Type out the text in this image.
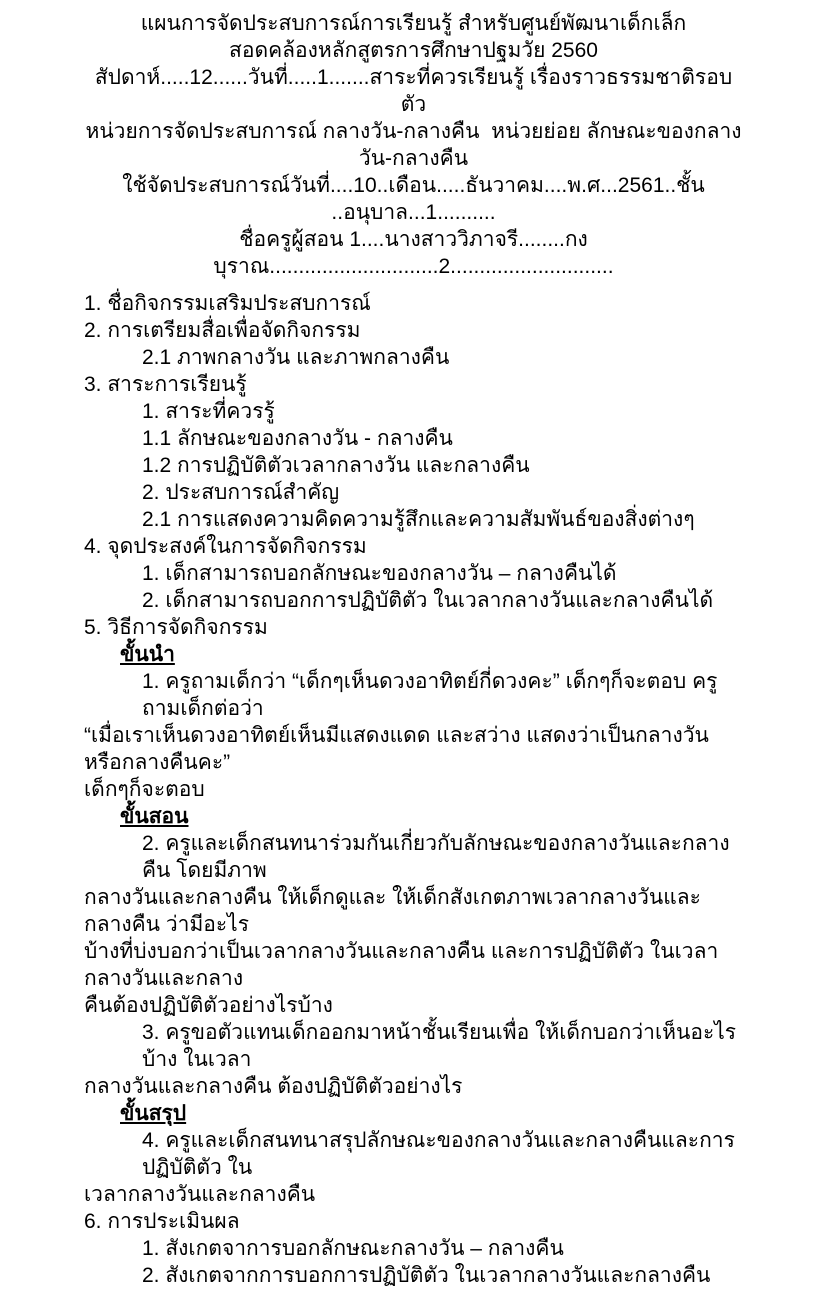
แผนการจัดประสบการณ์การเรียนรู้ สำหรับศูนย์พัฒนาเด็กเล็ก
สอดคล้องหลักสูตรการศึกษาปฐมวัย 2560
สัปดาห์.....12......วันที่.....1.......สาระที่ควรเรียนรู้ เรื่องราวธรรมชาติรอบตัว
หน่วยการจัดประสบการณ์ กลางวัน-กลางคืน  หน่วยย่อย ลักษณะของกลางวัน-กลางคืน
ใช้จัดประสบการณ์วันที่....10..เดือน.....ธันวาคม....พ.ศ...2561..ชั้น ..อนุบาล...1..........
ชื่อครูผู้สอน 1....นางสาววิภาจรี........กงบุราณ.............................2............................
1. ชื่อกิจกรรมเสริมประสบการณ์
2. การเตรียมสื่อเพื่อจัดกิจกรรม
2.1 ภาพกลางวัน และภาพกลางคืน
3. สาระการเรียนรู้
1. สาระที่ควรรู้
1.1 ลักษณะของกลางวัน - กลางคืน
1.2 การปฏิบัติตัวเวลากลางวัน และกลางคืน
2. ประสบการณ์สำคัญ
2.1 การแสดงความคิดความรู้สึกและความสัมพันธ์ของสิ่งต่างๆ
4. จุดประสงค์ในการจัดกิจกรรม
1. เด็กสามารถบอกลักษณะของกลางวัน – กลางคืนได้
2. เด็กสามารถบอกการปฏิบัติตัว ในเวลากลางวันและกลางคืนได้
5. วิธีการจัดกิจกรรม
ขั้นนำ
1. ครูถามเด็กว่า “เด็กๆเห็นดวงอาทิตย์กี่ดวงคะ” เด็กๆก็จะตอบ ครูถามเด็กต่อว่า
“เมื่อเราเห็นดวงอาทิตย์เห็นมีแสดงแดด และสว่าง แสดงว่าเป็นกลางวันหรือกลางคืนคะ”
เด็กๆก็จะตอบ
ขั้นสอน
2. ครูและเด็กสนทนาร่วมกันเกี่ยวกับลักษณะของกลางวันและกลางคืน โดยมีภาพ
กลางวันและกลางคืน ให้เด็กดูและ ให้เด็กสังเกตภาพเวลากลางวันและกลางคืน ว่ามีอะไร
บ้างที่บ่งบอกว่าเป็นเวลากลางวันและกลางคืน และการปฏิบัติตัว ในเวลากลางวันและกลาง
คืนต้องปฏิบัติตัวอย่างไรบ้าง
3. ครูขอตัวแทนเด็กออกมาหน้าชั้นเรียนเพื่อ ให้เด็กบอกว่าเห็นอะไรบ้าง ในเวลา
กลางวันและกลางคืน ต้องปฏิบัติตัวอย่างไร
ขั้นสรุป
4. ครูและเด็กสนทนาสรุปลักษณะของกลางวันและกลางคืนและการปฏิบัติตัว ใน
เวลากลางวันและกลางคืน
6. การประเมินผล
1. สังเกตจาการบอกลักษณะกลางวัน – กลางคืน
2. สังเกตจากการบอกการปฏิบัติตัว ในเวลากลางวันและกลางคืน
